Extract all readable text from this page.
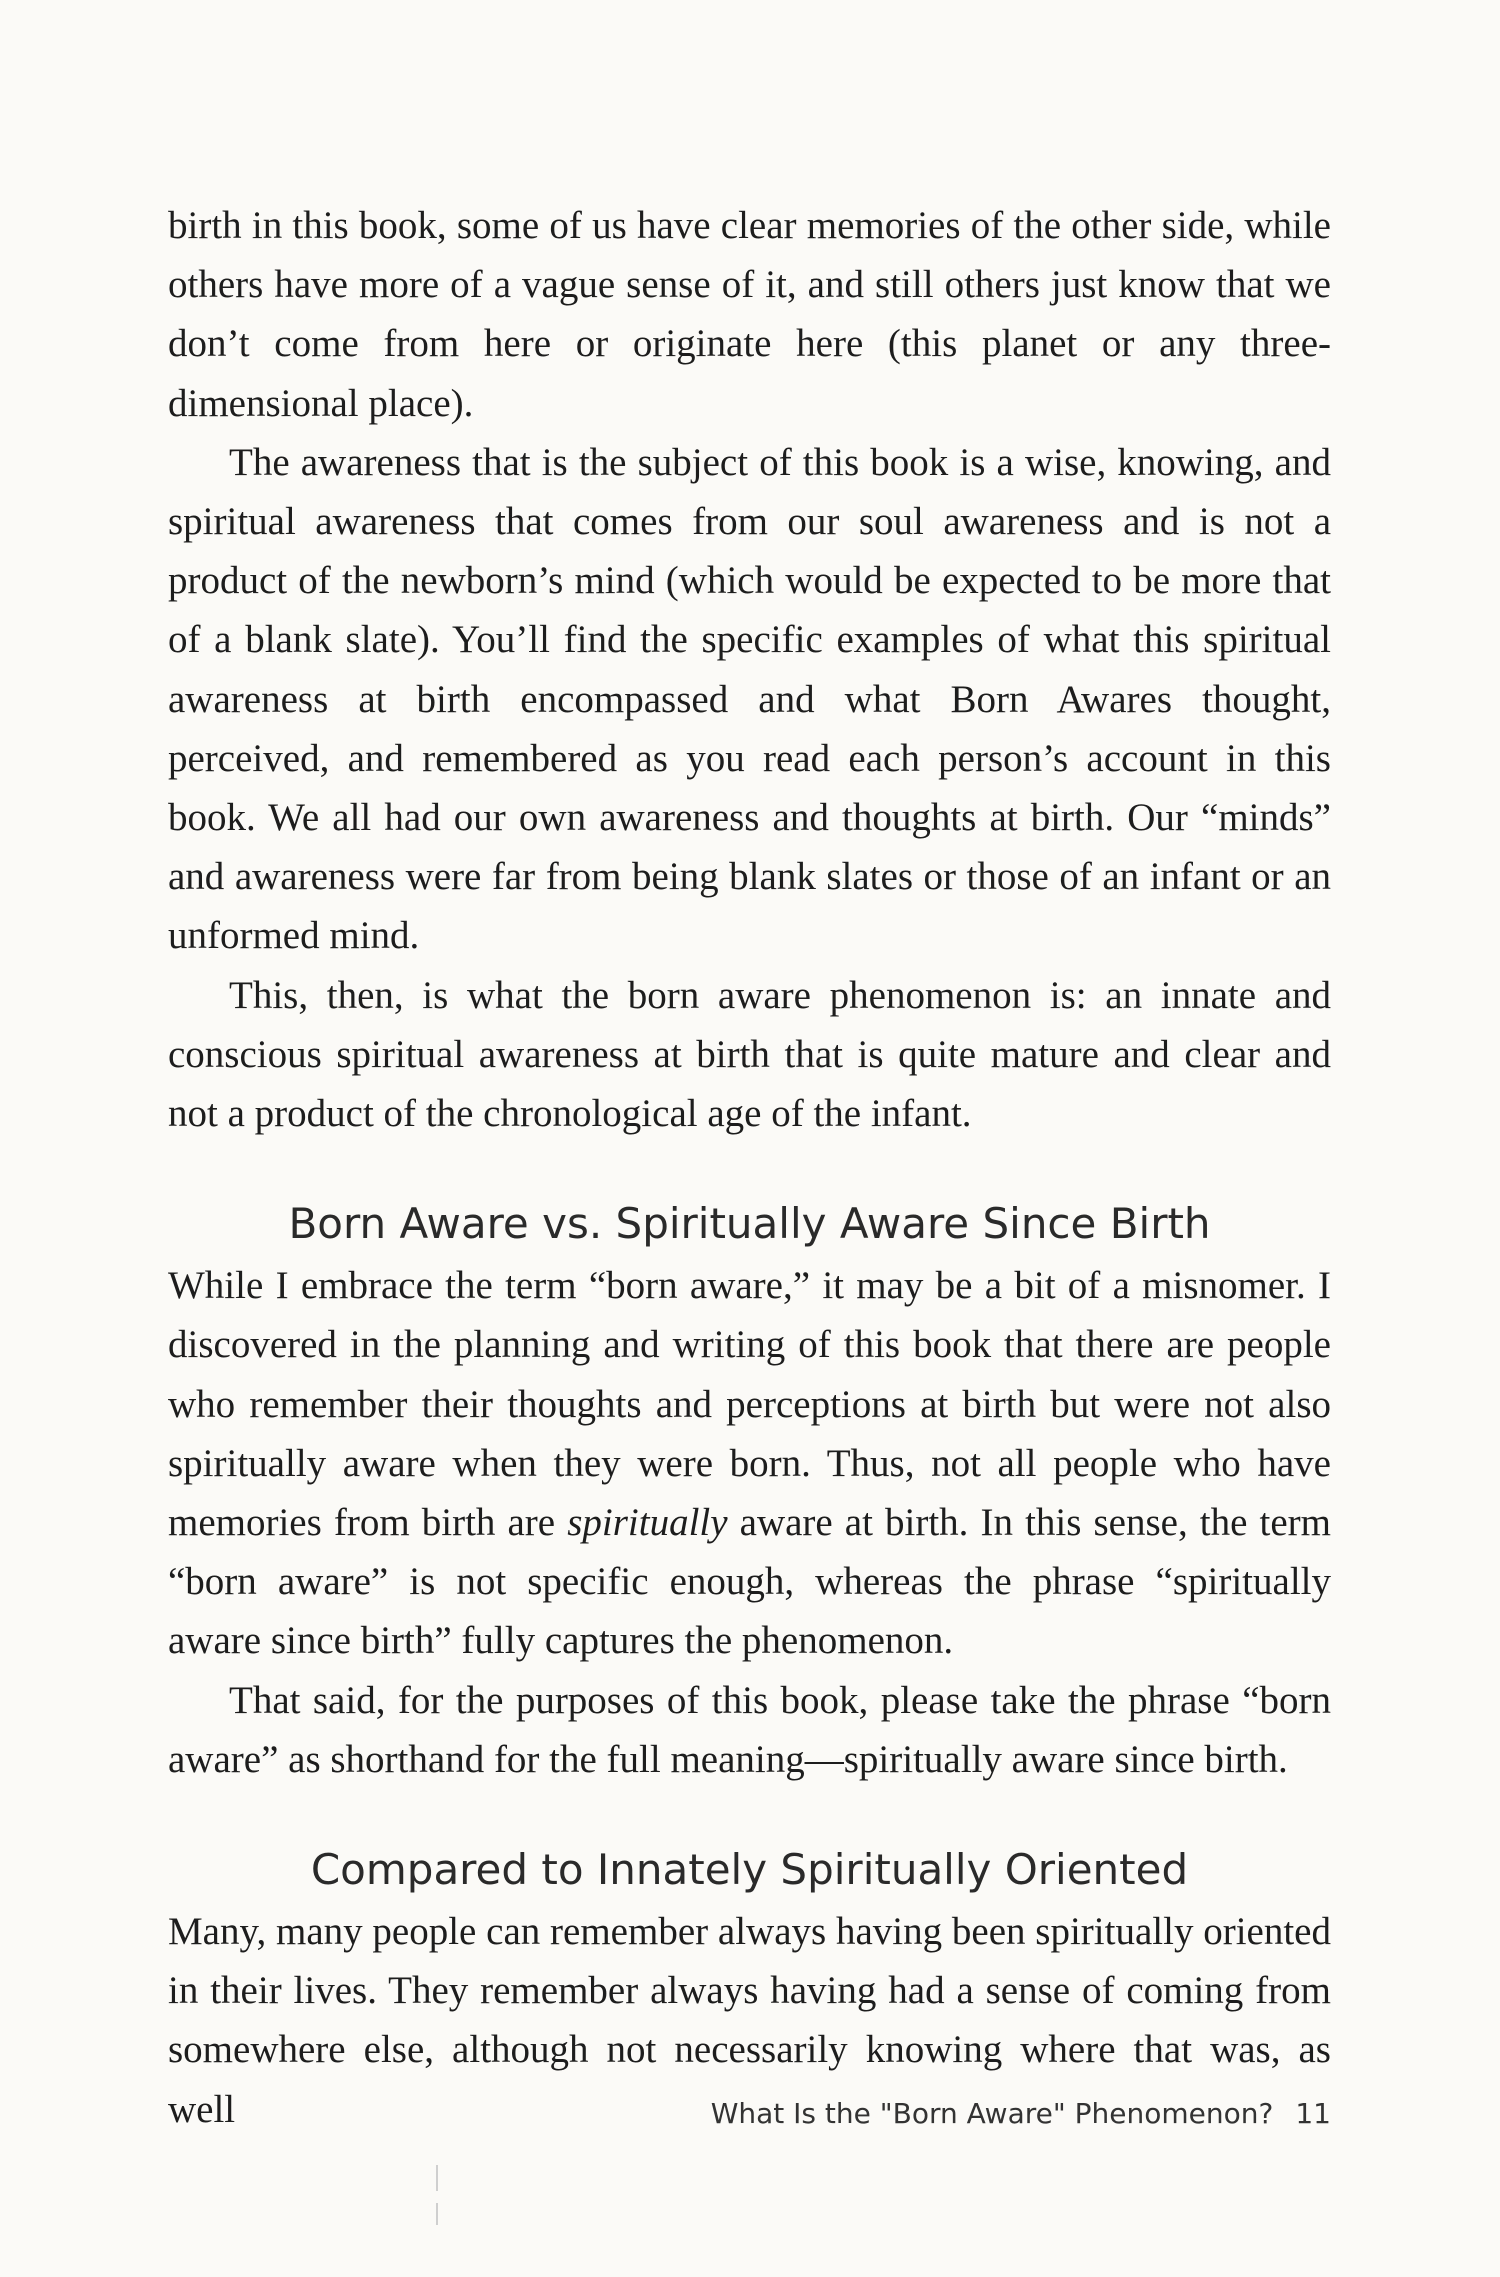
birth in this book, some of us have clear memories of the other side, while others have more of a vague sense of it, and still others just know that we don’t come from here or originate here (this planet or any three-dimensional place).

The awareness that is the subject of this book is a wise, knowing, and spiritual awareness that comes from our soul awareness and is not a product of the newborn’s mind (which would be expected to be more that of a blank slate). You’ll find the specific examples of what this spiritual awareness at birth encompassed and what Born Awares thought, perceived, and remembered as you read each person’s account in this book. We all had our own awareness and thoughts at birth. Our “minds” and awareness were far from being blank slates or those of an infant or an unformed mind.

This, then, is what the born aware phenomenon is: an innate and conscious spiritual awareness at birth that is quite mature and clear and not a product of the chronological age of the infant.

Born Aware vs. Spiritually Aware Since Birth

While I embrace the term “born aware,” it may be a bit of a misnomer. I discovered in the planning and writing of this book that there are people who remember their thoughts and perceptions at birth but were not also spiritually aware when they were born. Thus, not all people who have memories from birth are spiritually aware at birth. In this sense, the term “born aware” is not specific enough, whereas the phrase “spiritually aware since birth” fully captures the phenomenon.

That said, for the purposes of this book, please take the phrase “born aware” as shorthand for the full meaning—spiritually aware since birth.

Compared to Innately Spiritually Oriented

Many, many people can remember always having been spiritually oriented in their lives. They remember always having had a sense of coming from somewhere else, although not necessarily knowing where that was, as well	What Is the "Born Aware" Phenomenon? 11
